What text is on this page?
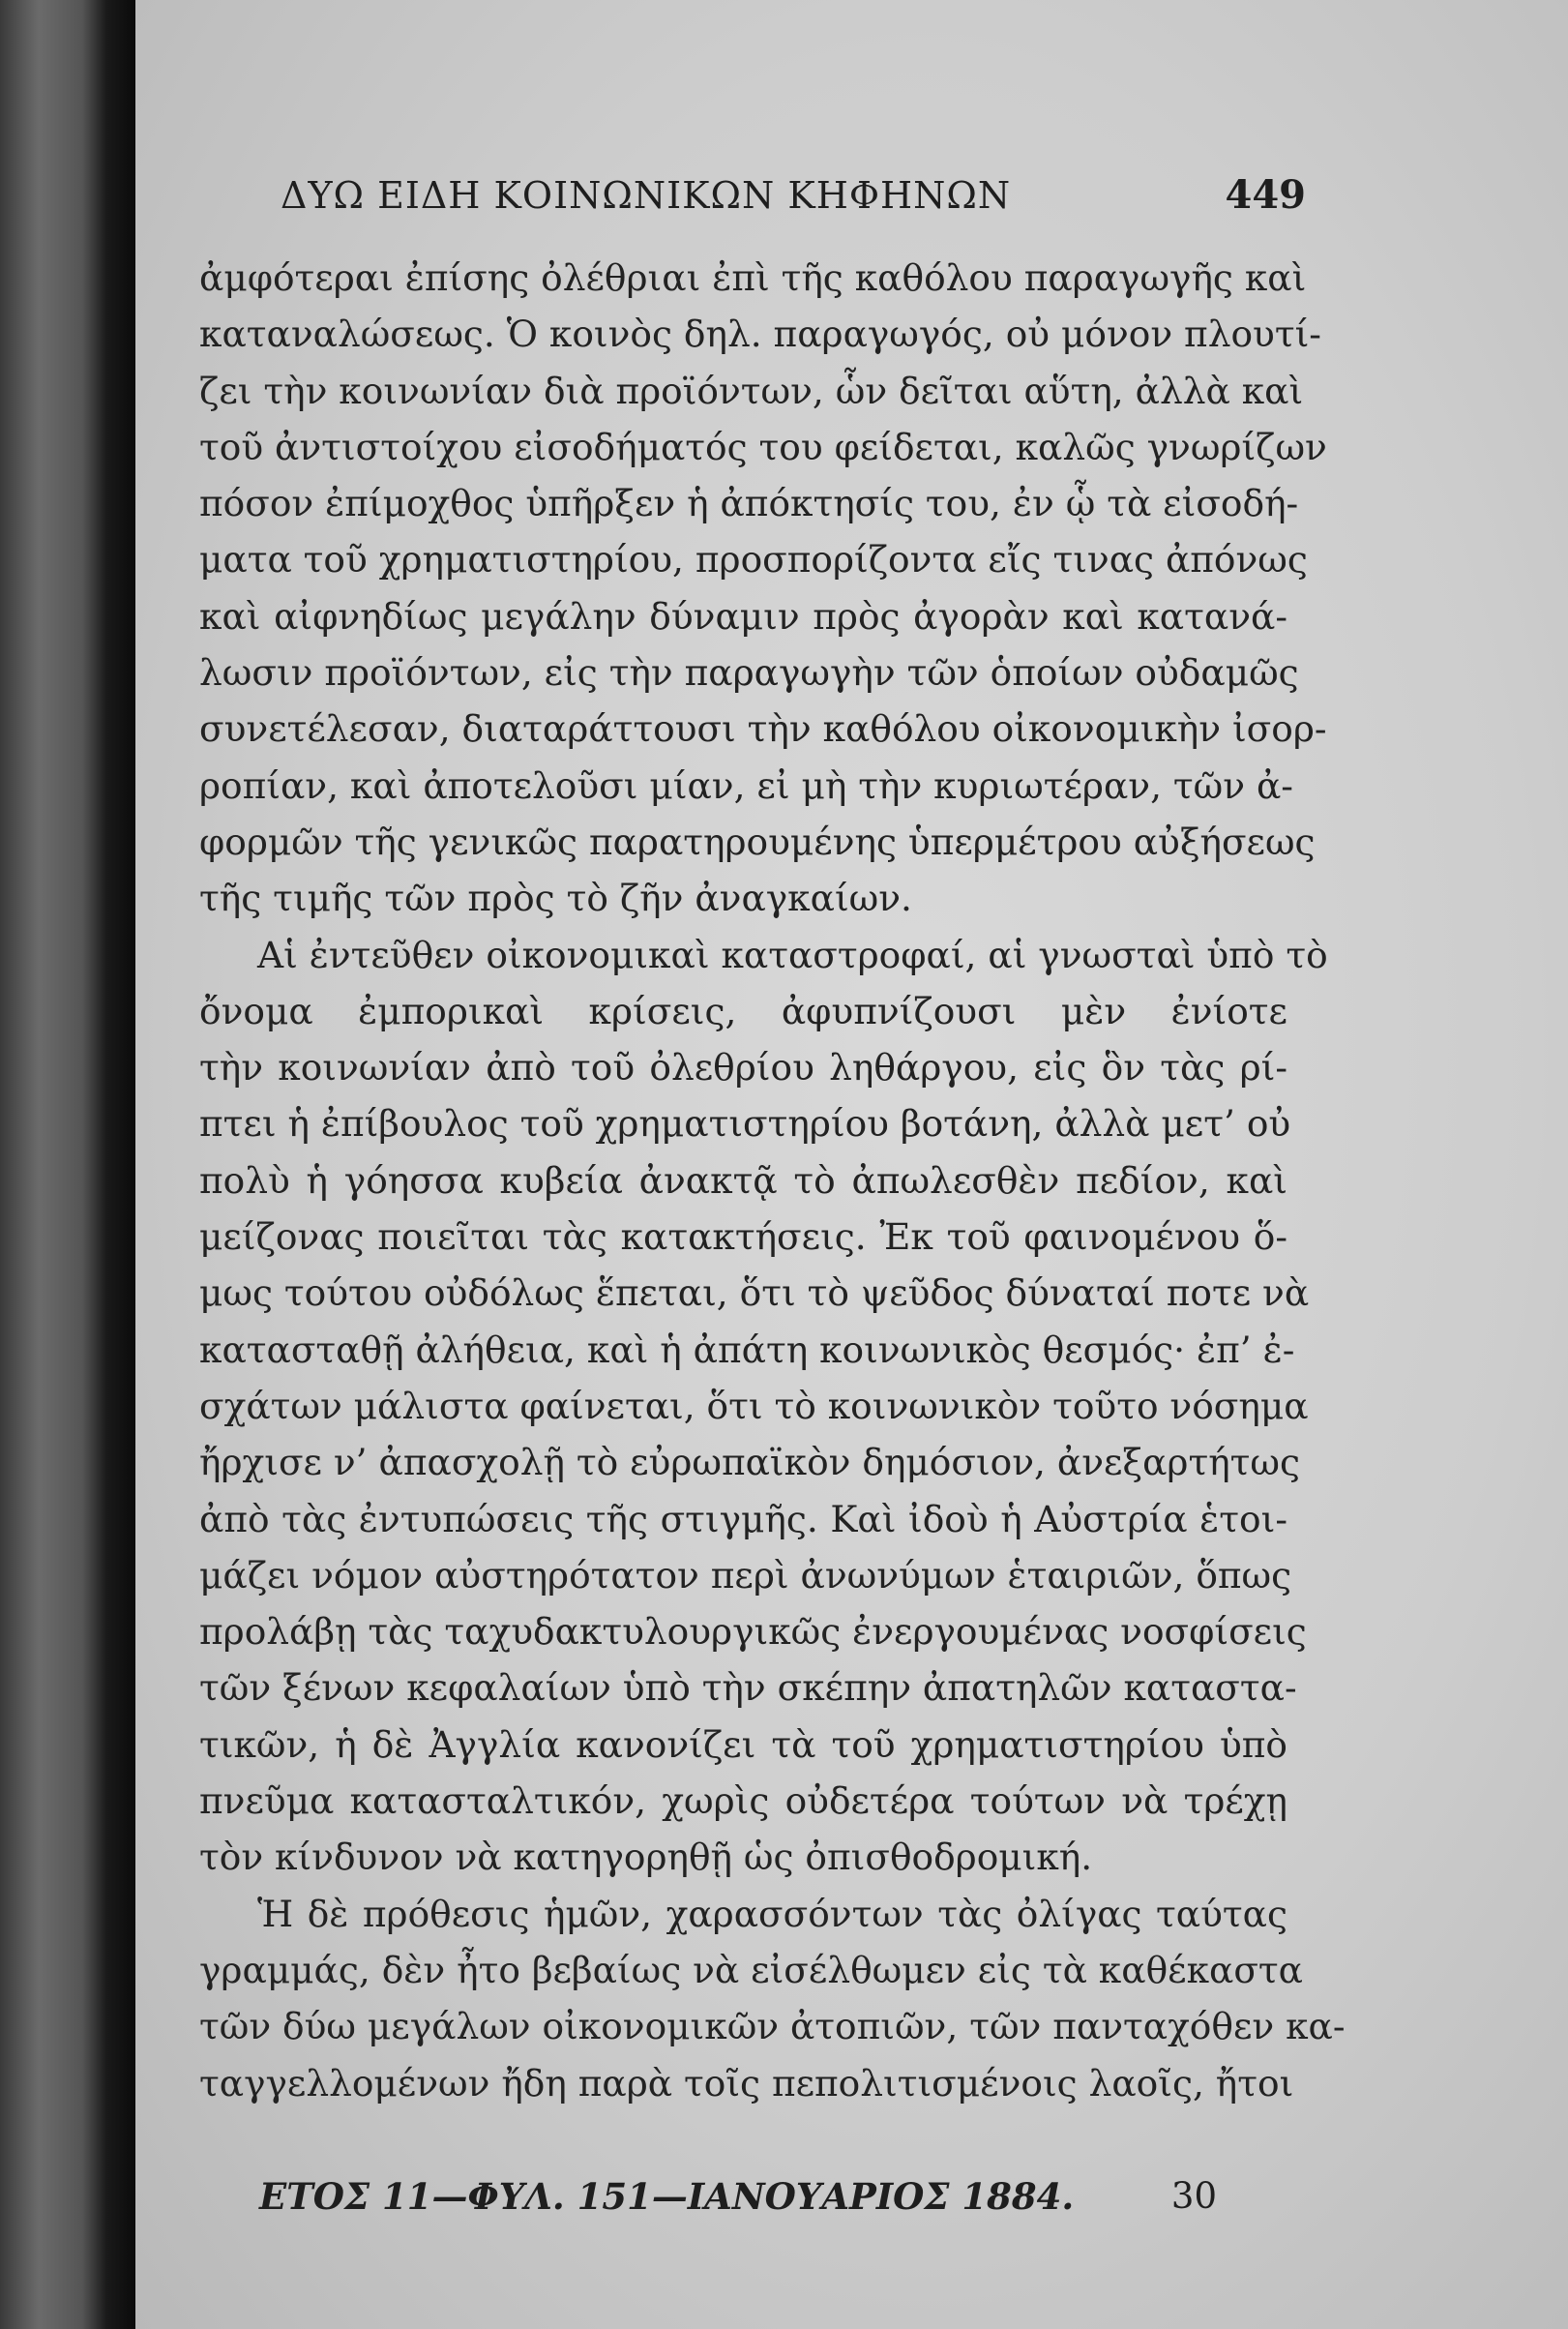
ΔΥΩ ΕΙΔΗ ΚΟΙΝΩΝΙΚΩΝ ΚΗΦΗΝΩΝ	449
ἀμφότεραι ἐπίσης ὀλέθριαι ἐπὶ τῆς καθόλου παραγωγῆς καὶ
καταναλώσεως. Ὁ κοινὸς δηλ. παραγωγός, οὐ μόνον πλουτί-
ζει τὴν κοινωνίαν διὰ προϊόντων, ὧν δεῖται αὕτη, ἀλλὰ καὶ
τοῦ ἀντιστοίχου εἰσοδήματός του φείδεται, καλῶς γνωρίζων
πόσον ἐπίμοχθος ὑπῆρξεν ἡ ἀπόκτησίς του, ἐν ᾧ τὰ εἰσοδή-
ματα τοῦ χρηματιστηρίου, προσπορίζοντα εἴς τινας ἀπόνως
καὶ αἰφνηδίως μεγάλην δύναμιν πρὸς ἀγορὰν καὶ κατανά-
λωσιν προϊόντων, εἰς τὴν παραγωγὴν τῶν ὁποίων οὐδαμῶς
συνετέλεσαν, διαταράττουσι τὴν καθόλου οἰκονομικὴν ἰσορ-
ροπίαν, καὶ ἀποτελοῦσι μίαν, εἰ μὴ τὴν κυριωτέραν, τῶν ἀ-
φορμῶν τῆς γενικῶς παρατηρουμένης ὑπερμέτρου αὐξήσεως
τῆς τιμῆς τῶν πρὸς τὸ ζῆν ἀναγκαίων.
Αἱ ἐντεῦθεν οἰκονομικαὶ καταστροφαί, αἱ γνωσταὶ ὑπὸ τὸ
ὄνομα ἐμπορικαὶ κρίσεις, ἀφυπνίζουσι μὲν ἐνίοτε
τὴν κοινωνίαν ἀπὸ τοῦ ὀλεθρίου ληθάργου, εἰς ὃν τὰς ρί-
πτει ἡ ἐπίβουλος τοῦ χρηματιστηρίου βοτάνη, ἀλλὰ μετ’ οὐ
πολὺ ἡ γόησσα κυβεία ἀνακτᾷ τὸ ἀπωλεσθὲν πεδίον, καὶ
μείζονας ποιεῖται τὰς κατακτήσεις. Ἐκ τοῦ φαινομένου ὅ-
μως τούτου οὐδόλως ἕπεται, ὅτι τὸ ψεῦδος δύναταί ποτε νὰ
κατασταθῇ ἀλήθεια, καὶ ἡ ἀπάτη κοινωνικὸς θεσμός· ἐπ’ ἐ-
σχάτων μάλιστα φαίνεται, ὅτι τὸ κοινωνικὸν τοῦτο νόσημα
ἤρχισε ν’ ἀπασχολῇ τὸ εὐρωπαϊκὸν δημόσιον, ἀνεξαρτήτως
ἀπὸ τὰς ἐντυπώσεις τῆς στιγμῆς. Καὶ ἰδοὺ ἡ Αὐστρία ἑτοι-
μάζει νόμον αὐστηρότατον περὶ ἀνωνύμων ἑταιριῶν, ὅπως
προλάβῃ τὰς ταχυδακτυλουργικῶς ἐνεργουμένας νοσφίσεις
τῶν ξένων κεφαλαίων ὑπὸ τὴν σκέπην ἀπατηλῶν καταστα-
τικῶν, ἡ δὲ Ἀγγλία κανονίζει τὰ τοῦ χρηματιστηρίου ὑπὸ
πνεῦμα κατασταλτικόν, χωρὶς οὐδετέρα τούτων νὰ τρέχῃ
τὸν κίνδυνον νὰ κατηγορηθῇ ὡς ὀπισθοδρομική.
Ἡ δὲ πρόθεσις ἡμῶν, χαρασσόντων τὰς ὀλίγας ταύτας
γραμμάς, δὲν ἦτο βεβαίως νὰ εἰσέλθωμεν εἰς τὰ καθέκαστα
τῶν δύω μεγάλων οἰκονομικῶν ἀτοπιῶν, τῶν πανταχόθεν κα-
ταγγελλομένων ἤδη παρὰ τοῖς πεπολιτισμένοις λαοῖς, ἤτοι
ΕΤΟΣ 11—ΦΥΛ. 151—ΙΑΝΟΥΑΡΙΟΣ 1884.	30
